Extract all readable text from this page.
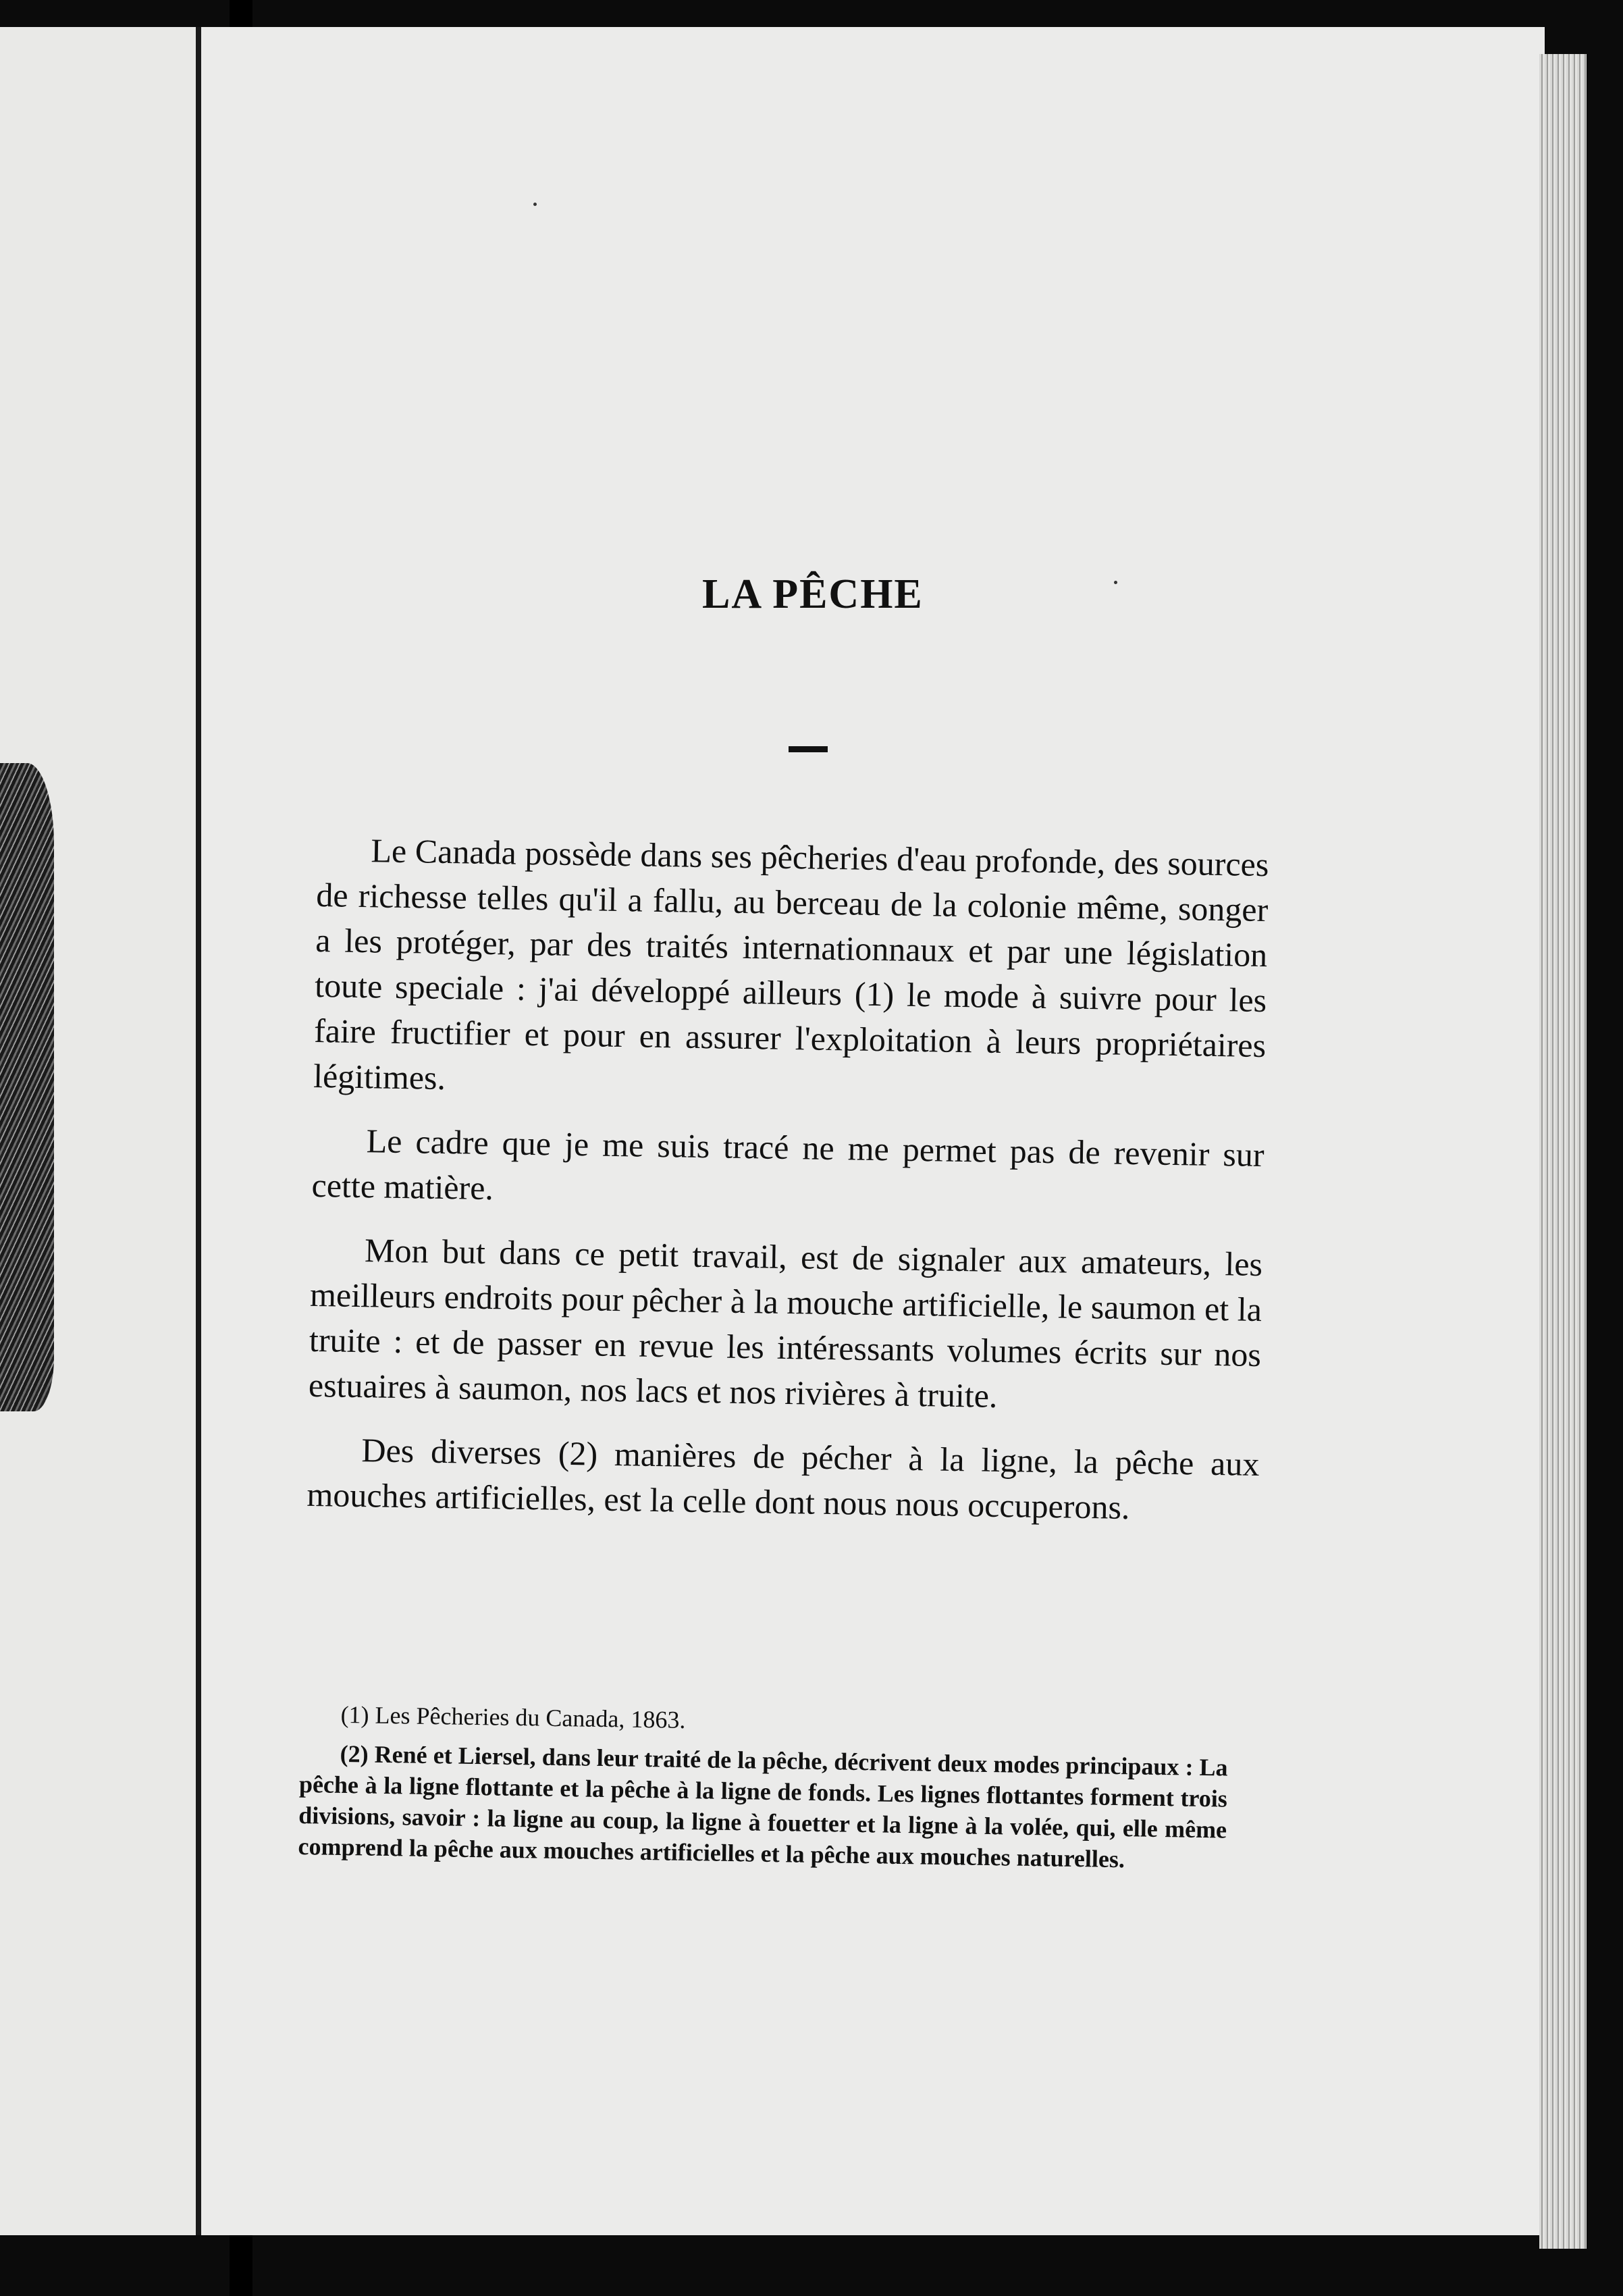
LA PÊCHE

Le Canada possède dans ses pêcheries d'eau profonde, des sources de richesse telles qu'il a fallu, au berceau de la colonie même, songer a les protéger, par des traités internationnaux et par une législation toute speciale : j'ai développé ailleurs (1) le mode à suivre pour les faire fructifier et pour en assurer l'exploitation à leurs propriétaires légitimes.

Le cadre que je me suis tracé ne me permet pas de revenir sur cette matière.

Mon but dans ce petit travail, est de signaler aux amateurs, les meilleurs endroits pour pêcher à la mouche artificielle, le saumon et la truite : et de passer en revue les intéressants volumes écrits sur nos estuaires à saumon, nos lacs et nos rivières à truite.

Des diverses (2) manières de pécher à la ligne, la pêche aux mouches artificielles, est la celle dont nous nous occuperons.

(1) Les Pêcheries du Canada, 1863.

(2) René et Liersel, dans leur traité de la pêche, décrivent deux modes principaux : La pêche à la ligne flottante et la pêche à la ligne de fonds. Les lignes flottantes forment trois divisions, savoir : la ligne au coup, la ligne à fouetter et la ligne à la volée, qui, elle même comprend la pêche aux mouches artificielles et la pêche aux mouches naturelles.
